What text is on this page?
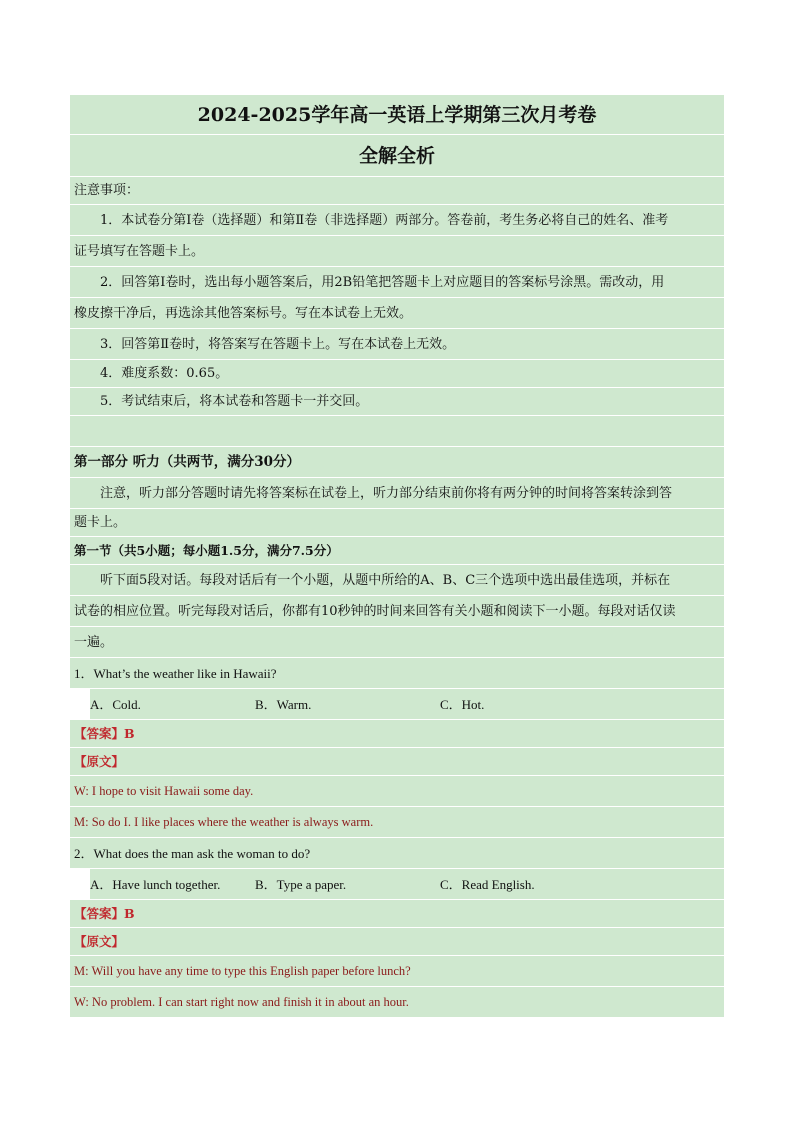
2024-2025学年高一英语上学期第三次月考卷
全解全析
注意事项：
1．本试卷分第Ⅰ卷（选择题）和第Ⅱ卷（非选择题）两部分。答卷前，考生务必将自己的姓名、准考
证号填写在答题卡上。
2．回答第Ⅰ卷时，选出每小题答案后，用2B铅笔把答题卡上对应题目的答案标号涂黑。需改动，用
橡皮擦干净后，再选涂其他答案标号。写在本试卷上无效。
3．回答第Ⅱ卷时，将答案写在答题卡上。写在本试卷上无效。
4．难度系数：0.65。
5．考试结束后，将本试卷和答题卡一并交回。
第一部分 听力（共两节，满分30分）
注意，听力部分答题时请先将答案标在试卷上，听力部分结束前你将有两分钟的时间将答案转涂到答
题卡上。
第一节（共5小题；每小题1.5分，满分7.5分）
听下面5段对话。每段对话后有一个小题，从题中所给的A、B、C三个选项中选出最佳选项，并标在
试卷的相应位置。听完每段对话后，你都有10秒钟的时间来回答有关小题和阅读下一小题。每段对话仅读
一遍。
1．What’s the weather like in Hawaii?
A．Cold.	B．Warm.	C．Hot.
【答案】B
【原文】
W: I hope to visit Hawaii some day.
M: So do I. I like places where the weather is always warm.
2．What does the man ask the woman to do?
A．Have lunch together.	B．Type a paper.	C．Read English.
【答案】B
【原文】
M: Will you have any time to type this English paper before lunch?
W: No problem. I can start right now and finish it in about an hour.
